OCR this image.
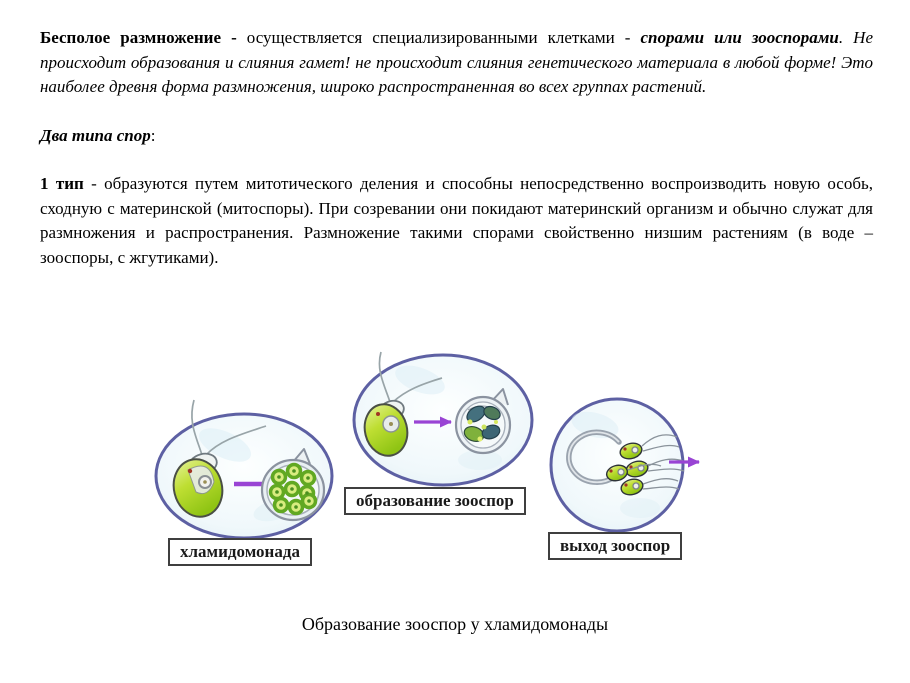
Бесполое размножение - осуществляется специализированными клетками - спорами или зооспорами. Не происходит образования и слияния гамет! не происходит слияния генетического материала в любой форме! Это наиболее древня форма размножения, широко распространенная во всех группах растений.

Два типа спор:

1 тип - образуются путем митотического деления и способны непосредственно воспроизводить новую особь, сходную с материнской (митоспоры). При созревании они покидают материнский организм и обычно служат для размножения и распространения. Размножение такими спорами свойственно низшим растениям (в воде – зооспоры, с жгутиками).

хламидомонада
образование зооспор
выход зооспор
Образование зооспор у хламидомонады
